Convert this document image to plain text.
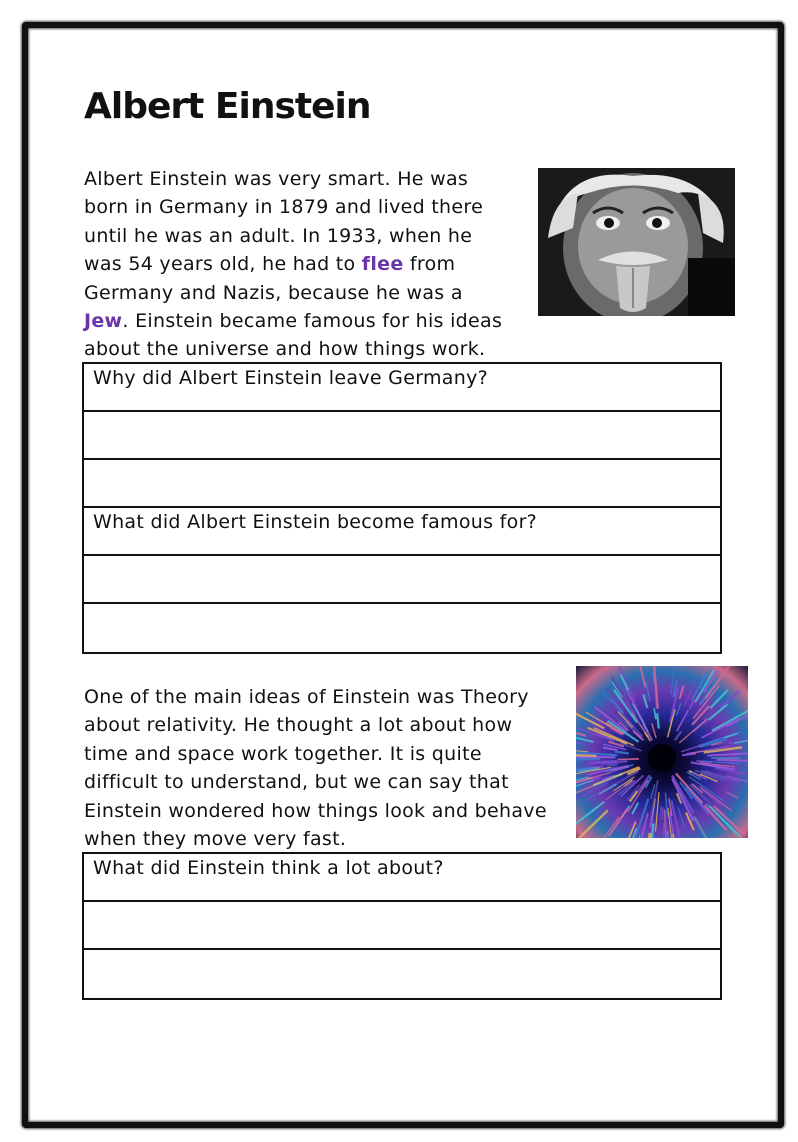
Albert Einstein
Albert Einstein was very smart. He was
born in Germany in 1879 and lived there
until he was an adult. In 1933, when he
was 54 years old, he had to flee from
Germany and Nazis, because he was a
Jew. Einstein became famous for his ideas
about the universe and how things work.
Why did Albert Einstein leave Germany?
What did Albert Einstein become famous for?
One of the main ideas of Einstein was Theory
about relativity. He thought a lot about how
time and space work together. It is quite
difficult to understand, but we can say that
Einstein wondered how things look and behave
when they move very fast.
What did Einstein think a lot about?
